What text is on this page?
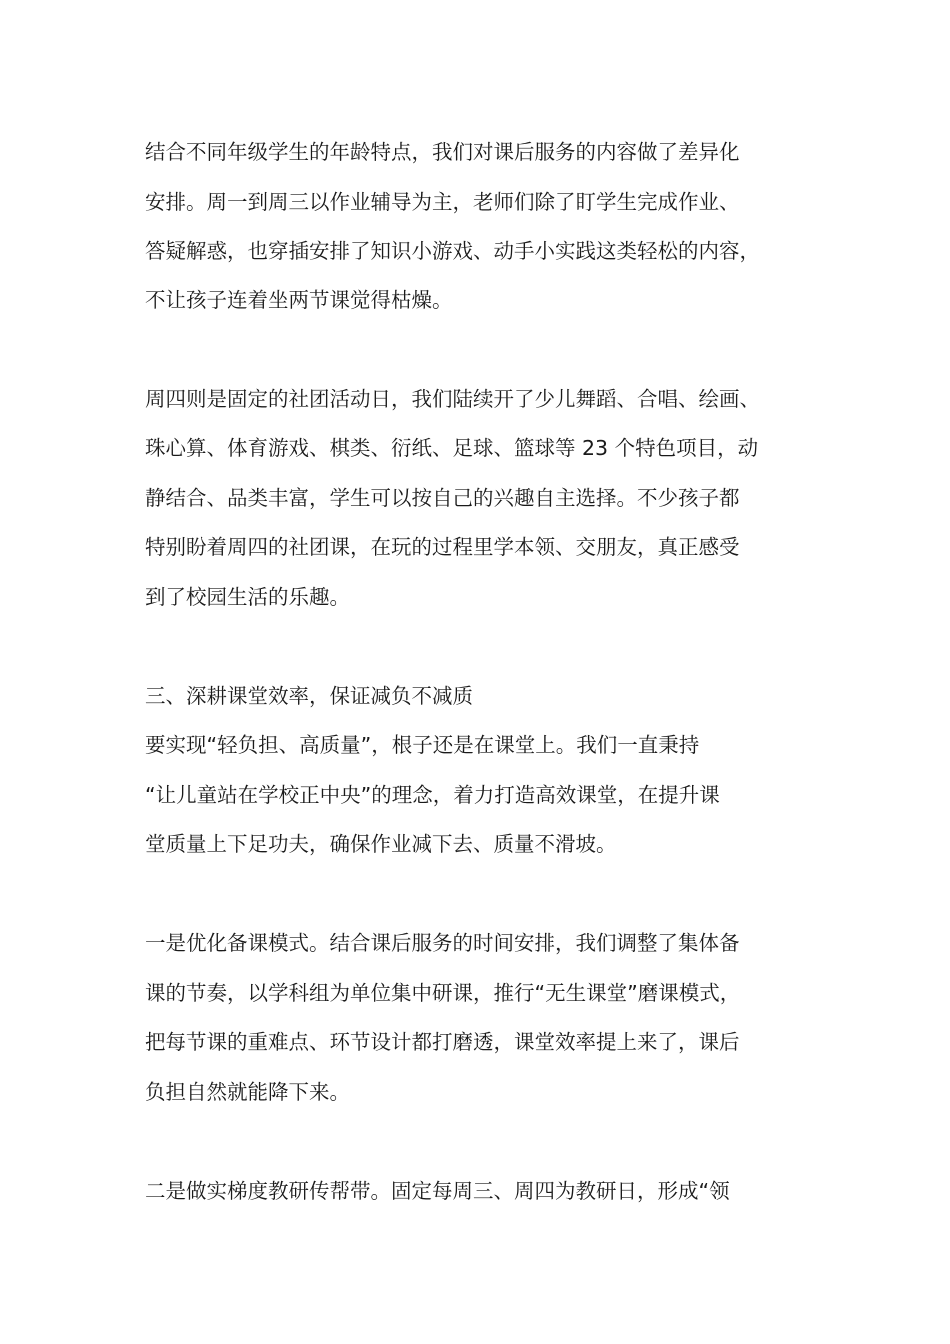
结合不同年级学生的年龄特点，我们对课后服务的内容做了差异化
安排。周一到周三以作业辅导为主，老师们除了盯学生完成作业、
答疑解惑，也穿插安排了知识小游戏、动手小实践这类轻松的内容，
不让孩子连着坐两节课觉得枯燥。
周四则是固定的社团活动日，我们陆续开了少儿舞蹈、合唱、绘画、
珠心算、体育游戏、棋类、衍纸、足球、篮球等 23 个特色项目，动
静结合、品类丰富，学生可以按自己的兴趣自主选择。不少孩子都
特别盼着周四的社团课，在玩的过程里学本领、交朋友，真正感受
到了校园生活的乐趣。
三、深耕课堂效率，保证减负不减质
要实现“轻负担、高质量”，根子还是在课堂上。我们一直秉持
“让儿童站在学校正中央”的理念，着力打造高效课堂，在提升课
堂质量上下足功夫，确保作业减下去、质量不滑坡。
一是优化备课模式。结合课后服务的时间安排，我们调整了集体备
课的节奏，以学科组为单位集中研课，推行“无生课堂”磨课模式，
把每节课的重难点、环节设计都打磨透，课堂效率提上来了，课后
负担自然就能降下来。
二是做实梯度教研传帮带。固定每周三、周四为教研日，形成“领
